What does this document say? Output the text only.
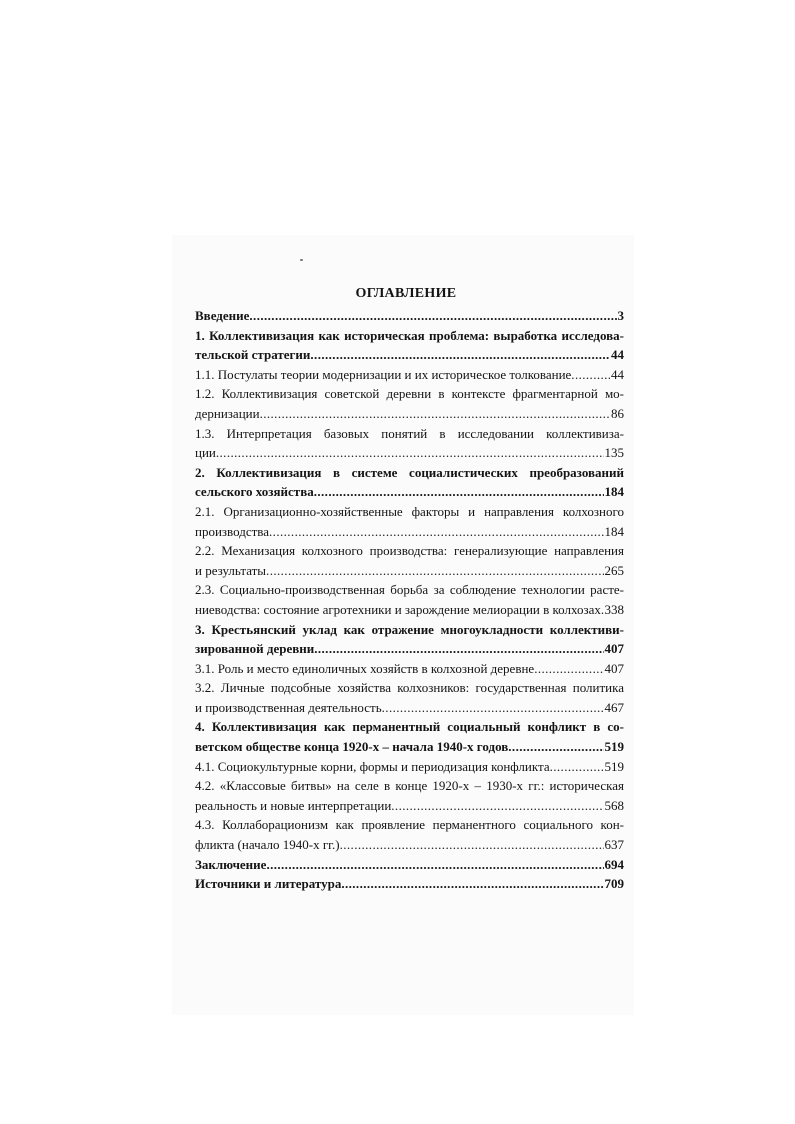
ОГЛАВЛЕНИЕ
Введение .....	3
1. Коллективизация как историческая проблема: выработка исследова-
тельской стратегии .....	44
1.1. Постулаты теории модернизации и их историческое толкование .....	44
1.2. Коллективизация советской деревни в контексте фрагментарной мо-
дернизации .....	86
1.3. Интерпретация базовых понятий в исследовании коллективиза-
ции .....	135
2. Коллективизация в системе социалистических преобразований
сельского хозяйства .....	184
2.1. Организационно-хозяйственные факторы и направления колхозного
производства .....	184
2.2. Механизация колхозного производства: генерализующие направления
и результаты .....	265
2.3. Социально-производственная борьба за соблюдение технологии расте-
ниеводства: состояние агротехники и зарождение мелиорации в колхозах ..... 338
3. Крестьянский уклад как отражение многоукладности коллективи-
зированной деревни .....	407
3.1. Роль и место единоличных хозяйств в колхозной деревне .....	407
3.2. Личные подсобные хозяйства колхозников: государственная политика
и производственная деятельность .....	467
4. Коллективизация как перманентный социальный конфликт в со-
ветском обществе конца 1920-х – начала 1940-х годов .....	519
4.1. Социокультурные корни, формы и периодизация конфликта .....	519
4.2. «Классовые битвы» на селе в конце 1920-х – 1930-х гг.: историческая
реальность и новые интерпретации .....	568
4.3. Коллаборационизм как проявление перманентного социального кон-
фликта (начало 1940-х гг.) .....	637
Заключение .....	694
Источники и литература .....	709
